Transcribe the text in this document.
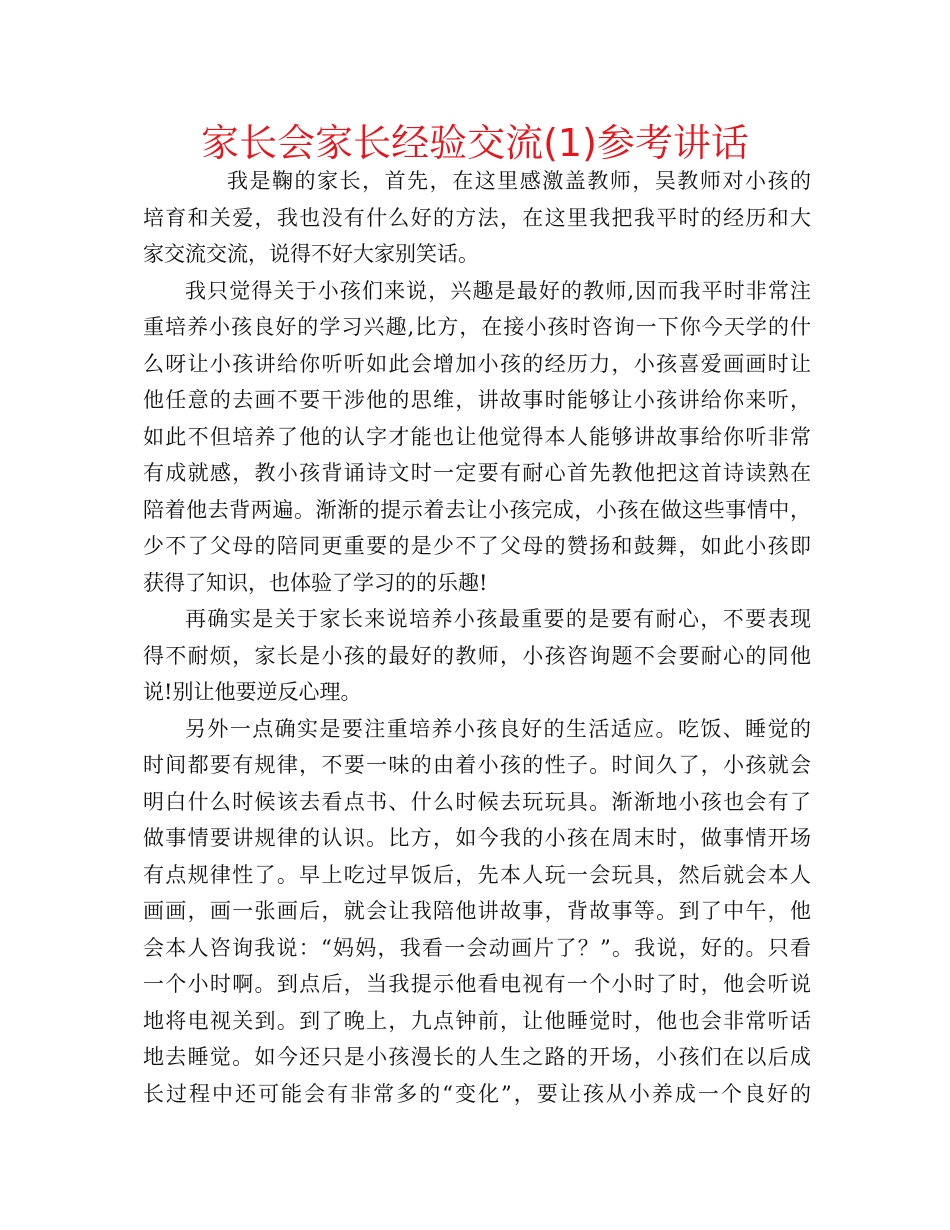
家长会家长经验交流(1)参考讲话
我是鞠的家长，首先，在这里感激盖教师，吴教师对小孩的
培育和关爱，我也没有什么好的方法，在这里我把我平时的经历和大
家交流交流，说得不好大家别笑话。
我只觉得关于小孩们来说，兴趣是最好的教师,因而我平时非常注
重培养小孩良好的学习兴趣,比方，在接小孩时咨询一下你今天学的什
么呀让小孩讲给你听听如此会增加小孩的经历力，小孩喜爱画画时让
他任意的去画不要干涉他的思维，讲故事时能够让小孩讲给你来听，
如此不但培养了他的认字才能也让他觉得本人能够讲故事给你听非常
有成就感，教小孩背诵诗文时一定要有耐心首先教他把这首诗读熟在
陪着他去背两遍。渐渐的提示着去让小孩完成，小孩在做这些事情中，
少不了父母的陪同更重要的是少不了父母的赞扬和鼓舞，如此小孩即
获得了知识，也体验了学习的的乐趣!
再确实是关于家长来说培养小孩最重要的是要有耐心，不要表现
得不耐烦，家长是小孩的最好的教师，小孩咨询题不会要耐心的同他
说!别让他要逆反心理。
另外一点确实是要注重培养小孩良好的生活适应。吃饭、睡觉的
时间都要有规律，不要一味的由着小孩的性子。时间久了，小孩就会
明白什么时候该去看点书、什么时候去玩玩具。渐渐地小孩也会有了
做事情要讲规律的认识。比方，如今我的小孩在周末时，做事情开场
有点规律性了。早上吃过早饭后，先本人玩一会玩具，然后就会本人
画画，画一张画后，就会让我陪他讲故事，背故事等。到了中午，他
会本人咨询我说：“妈妈，我看一会动画片了？”。我说，好的。只看
一个小时啊。到点后，当我提示他看电视有一个小时了时，他会听说
地将电视关到。到了晚上，九点钟前，让他睡觉时，他也会非常听话
地去睡觉。如今还只是小孩漫长的人生之路的开场，小孩们在以后成
长过程中还可能会有非常多的“变化”，要让孩从小养成一个良好的
